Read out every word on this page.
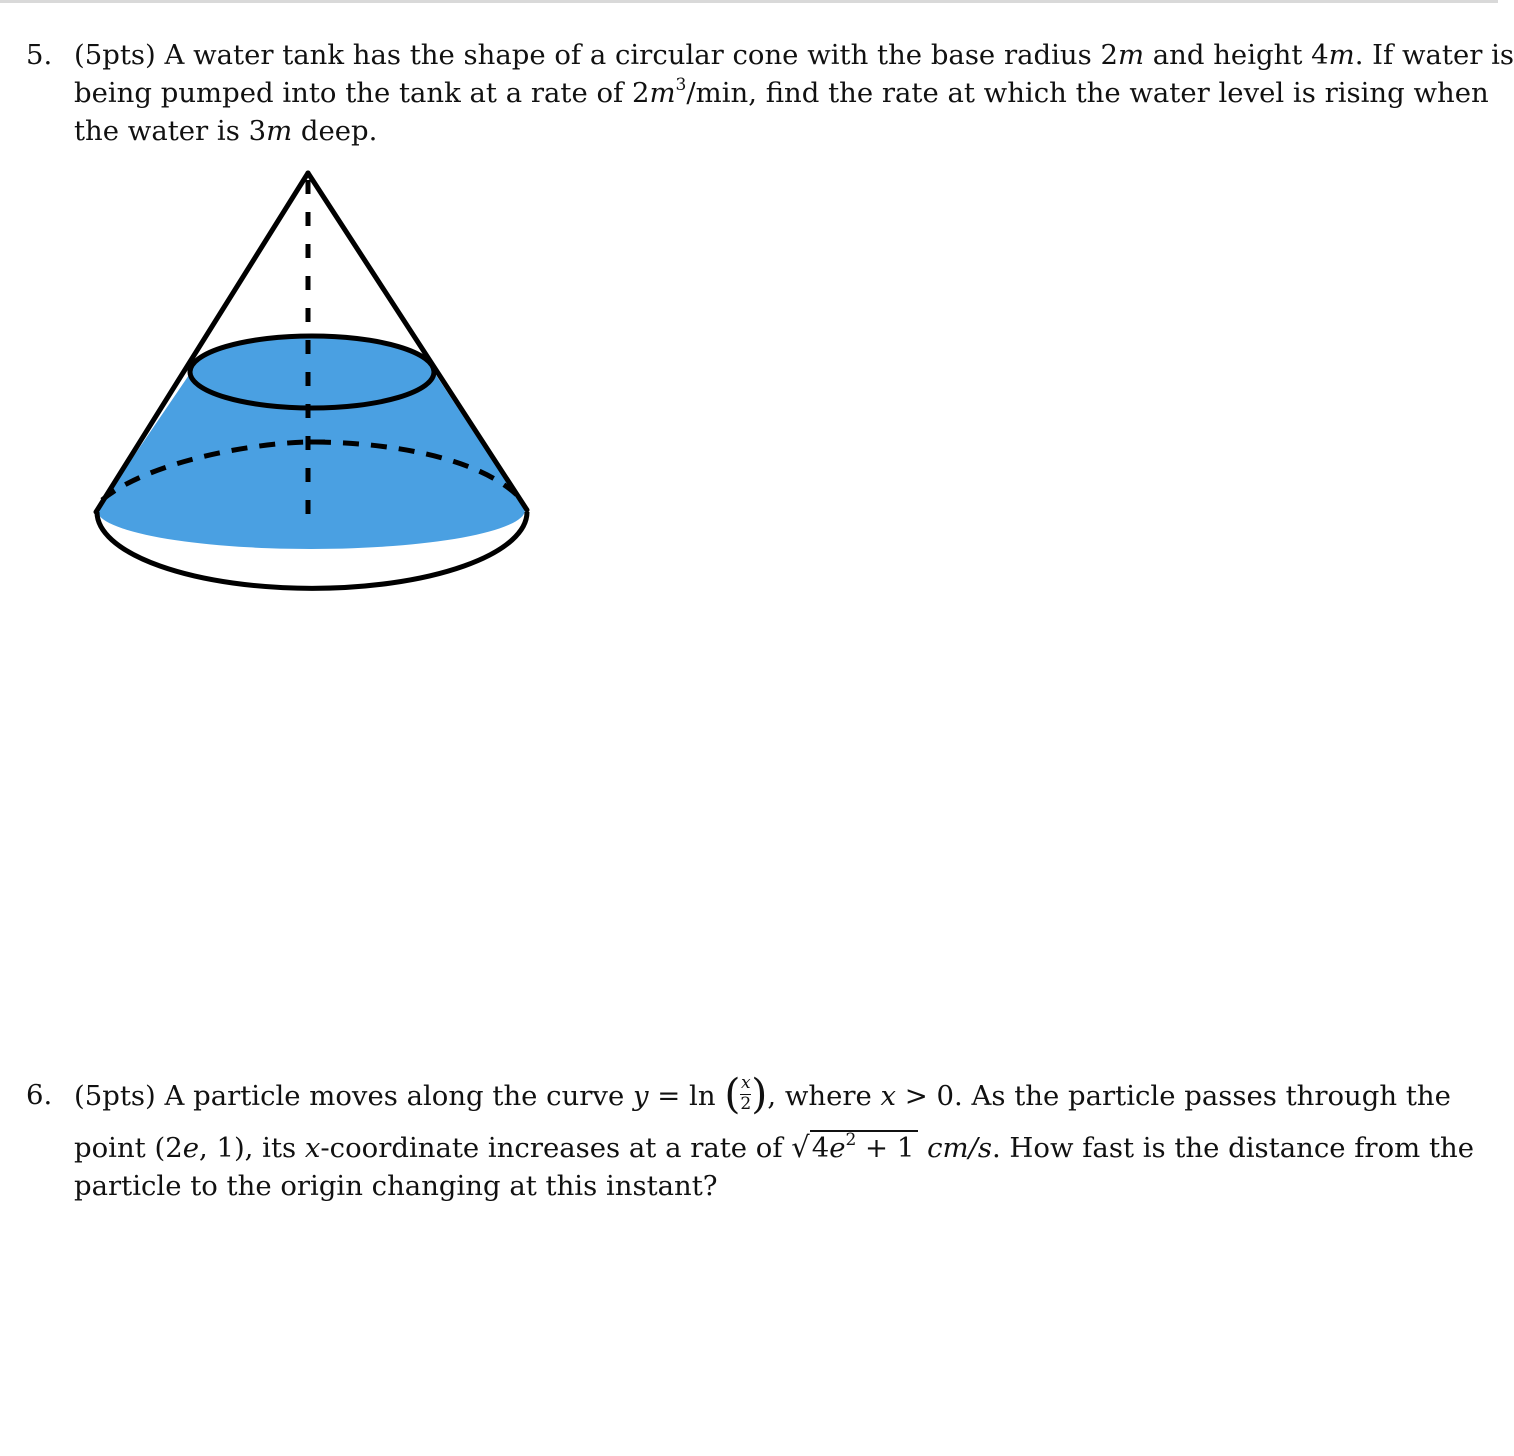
5. (5pts) A water tank has the shape of a circular cone with the base radius 2m and height 4m. If water is
being pumped into the tank at a rate of $2m^3/\min$, find the rate at which the water level is rising when
the water is 3m deep.
6. (5pts) A particle moves along the curve y = ln ( $\frac{x}{2}$ ), where x > 0. As the particle passes through the
point (2e, 1), its x-coordinate increases at a rate of $√4e^2 + 1$ cm/s. How fast is the distance from the
particle to the origin changing at this instant?
